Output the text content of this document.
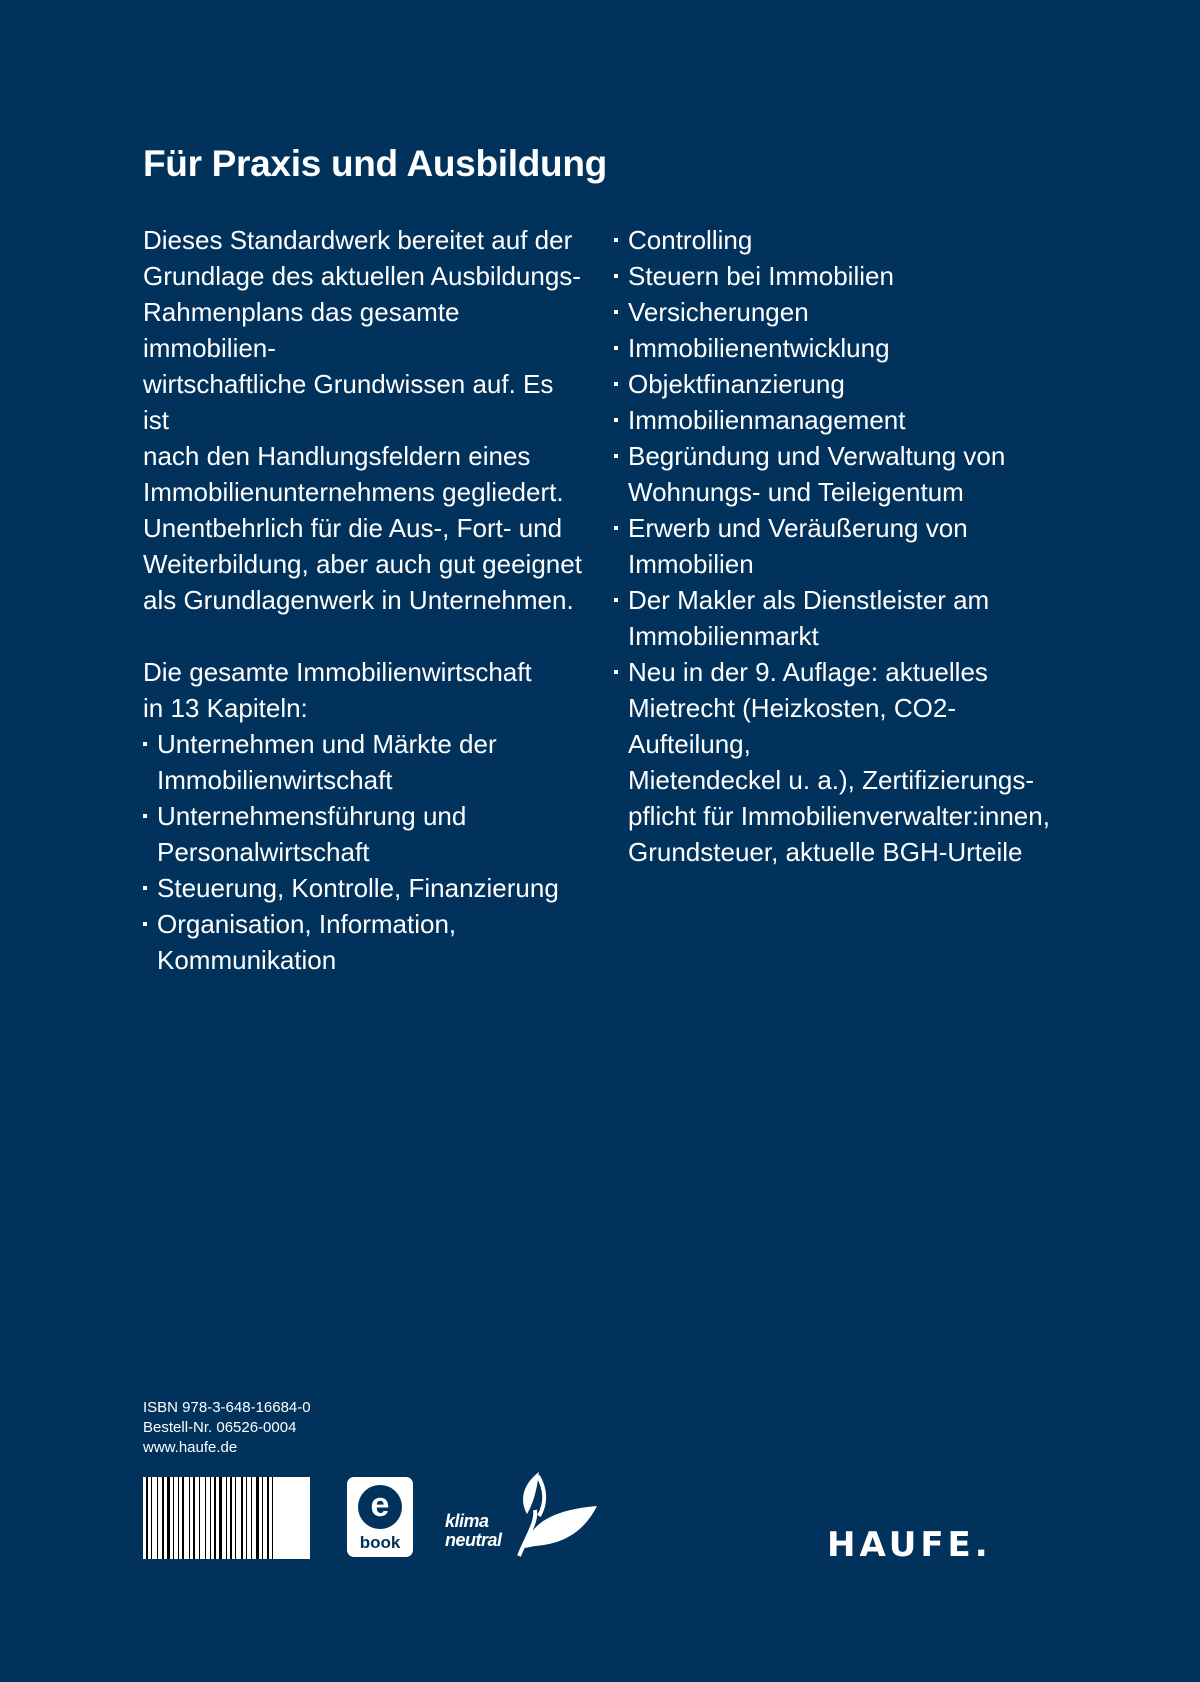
Für Praxis und Ausbildung

Dieses Standardwerk bereitet auf der
Grundlage des aktuellen Ausbildungs-
Rahmenplans das gesamte immobilien-
wirtschaftliche Grundwissen auf. Es ist
nach den Handlungsfeldern eines
Immobilienunternehmens gegliedert.
Unentbehrlich für die Aus-, Fort- und
Weiterbildung, aber auch gut geeignet
als Grundlagenwerk in Unternehmen.

Die gesamte Immobilienwirtschaft
in 13 Kapiteln:

Unternehmen und Märkte der
Immobilienwirtschaft
Unternehmensführung und
Personalwirtschaft
Steuerung, Kontrolle, Finanzierung
Organisation, Information,
Kommunikation
Controlling
Steuern bei Immobilien
Versicherungen
Immobilienentwicklung
Objektfinanzierung
Immobilienmanagement
Begründung und Verwaltung von
Wohnungs- und Teileigentum
Erwerb und Veräußerung von
Immobilien
Der Makler als Dienstleister am
Immobilienmarkt
Neu in der 9. Auflage: aktuelles
Mietrecht (Heizkosten, CO2-Aufteilung,
Mietendeckel u. a.), Zertifizierungs-
pflicht für Immobilienverwalter:innen,
Grundsteuer, aktuelle BGH-Urteile
ISBN 978-3-648-16684-0
Bestell-Nr. 06526-0004
www.haufe.de
e
book
klima
neutral	HAUFE.
